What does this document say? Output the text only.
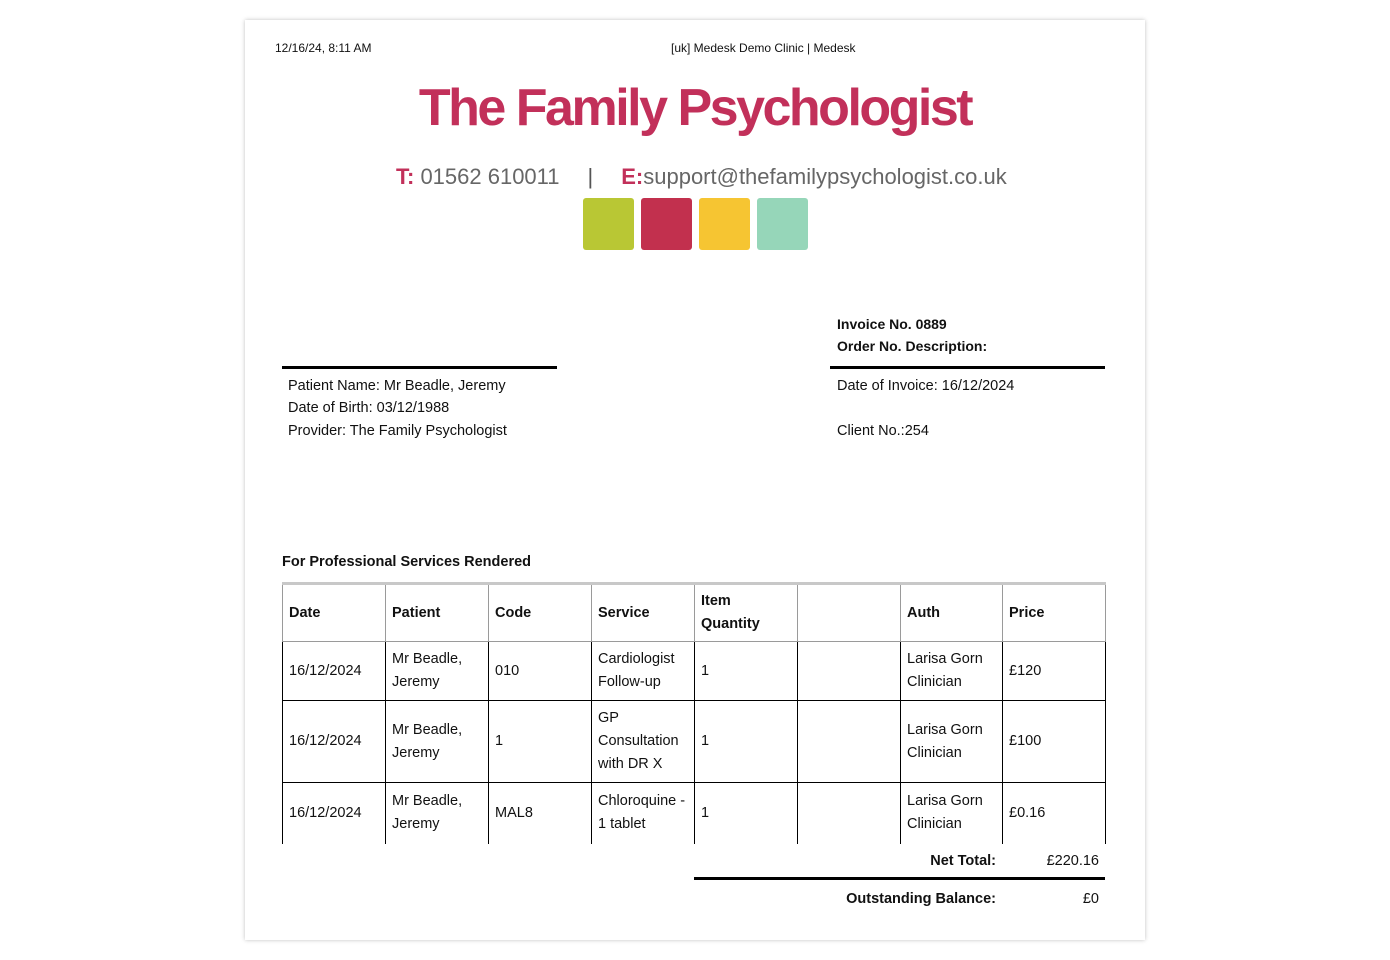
12/16/24, 8:11 AM	[uk] Medesk Demo Clinic | Medesk
The Family Psychologist
T: 01562 610011 | E:support@thefamilypsychologist.co.uk
Invoice No. 0889
Order No. Description:
Patient Name: Mr Beadle, Jeremy
Date of Birth: 03/12/1988
Provider: The Family Psychologist
Date of Invoice: 16/12/2024
Client No.:254
For Professional Services Rendered
Date	Patient	Code	Service	Item Quantity		Auth	Price
16/12/2024	Mr Beadle, Jeremy	010	Cardiologist Follow-up	1		Larisa Gorn Clinician	£120
16/12/2024	Mr Beadle, Jeremy	1	GP Consultation with DR X	1		Larisa Gorn Clinician	£100
16/12/2024	Mr Beadle, Jeremy	MAL8	Chloroquine - 1 tablet	1		Larisa Gorn Clinician	£0.16
Net Total:	£220.16
Outstanding Balance:	£0
